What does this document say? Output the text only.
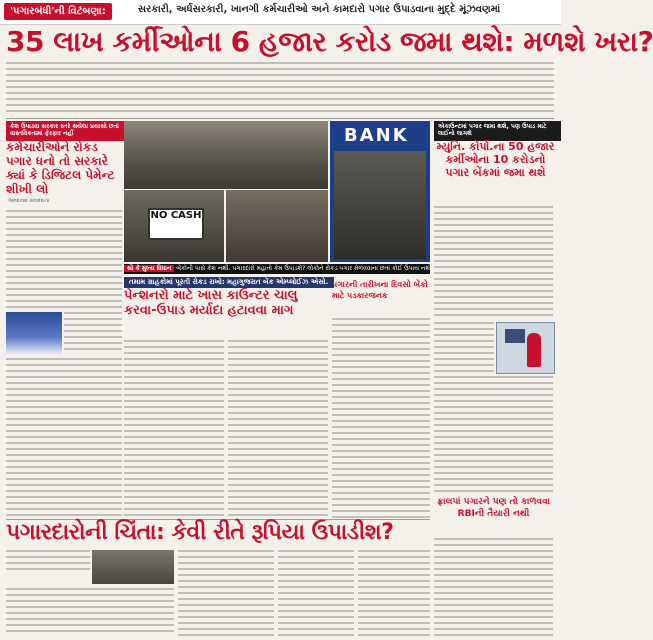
'પગારબંધી'ની વિટંબણા:	સરકારી, અર્ધસરકારી, ખાનગી કર્મચારીઓ અને કામદારો પગાર ઉપાડવાના મુદ્દે મૂંઝવણમાં
35 લાખ કર્મીઓના 6 હજાર કરોડ જમા થશે: મળશે ખરા?
કેશ ઉપાડવા સરકાર સ્તરે થયેલા પ્રયાસો છતાં વાસ્તવિકતામાં ફેરફાર નહીં
કર્મચારીઓને રોકડ પગાર ધનો તો સરકારે ક્યાં કે ડિજિટલ પેમેન્ટ શીખી લો
અમદાવાદ સંવાદદાતા
NO CASH
BANK
સૌ કે મુખ્ય વિધાન બેંકોની પાસે કેશ નથી. પગારદારો મહાતો કેમ ઉપાડશે? લોકોને રોકડ પગાર મેળવવાના છતાં કોઈ ઉપાય નથી
તમામ ગ્રાહકોમાં પૂરતી રોકડ રાખો: મહાગુજરાત બેંક એમ્પ્લોઈઝ એસો.
પેન્શનરો માટે ખાસ કાઉન્ટર ચાલુ કરવા-ઉપાડ મર્યાદા હટાવવા માગ
પગારની તારીખના દિવસો બેંકો માટે પડકારજનક
એકાઉન્ટમાં પગાર જમા થશે, પણ ઉપાડ માટે લાઈનો લાગશે
મ્યુનિ. કોર્પો.ના 50 હજાર કર્મીઓના 10 કરોડનો પગાર બેંકમાં જમા થશે
ફ્રાલપાં પગારને પણ તો કાળવવા RBIની તૈયારી નથી
પગારદારોની ચિંતા: કેવી રીતે રૂપિયા ઉપાડીશ?
